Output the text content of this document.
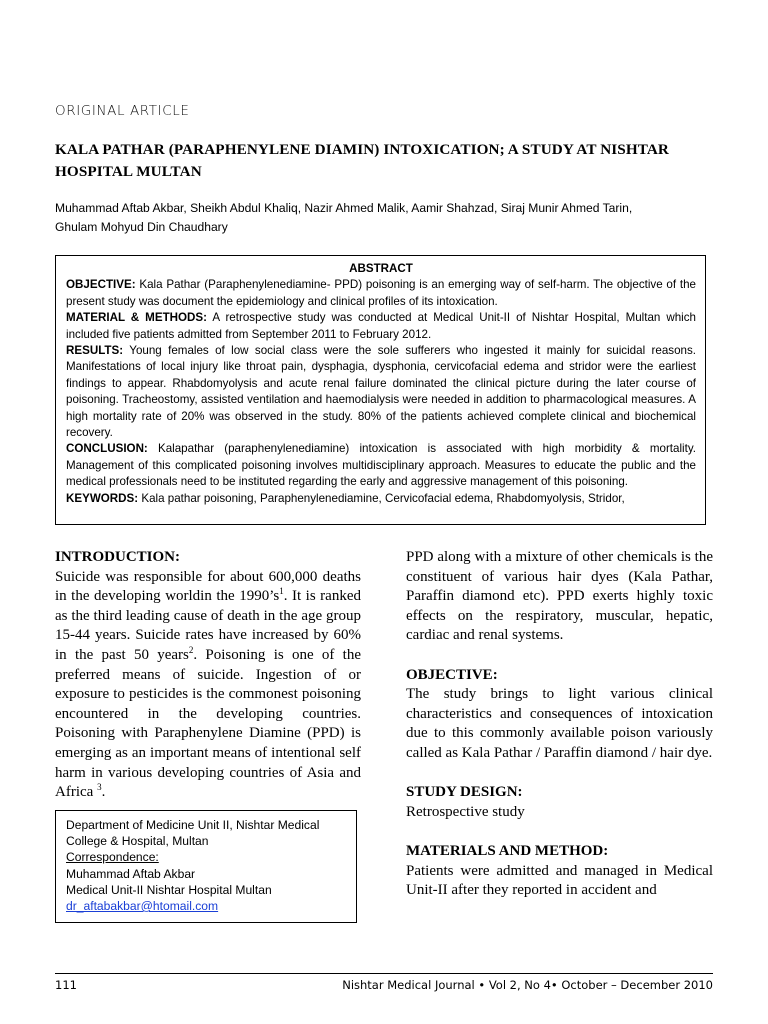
ORIGINAL ARTICLE
KALA PATHAR (PARAPHENYLENE DIAMIN) INTOXICATION; A STUDY AT NISHTAR HOSPITAL MULTAN
Muhammad Aftab Akbar, Sheikh Abdul Khaliq, Nazir Ahmed Malik, Aamir Shahzad, Siraj Munir Ahmed Tarin,
Ghulam Mohyud Din Chaudhary
ABSTRACT

OBJECTIVE: Kala Pathar (Paraphenylenediamine- PPD) poisoning is an emerging way of self-harm. The objective of the present study was document the epidemiology and clinical profiles of its intoxication.

MATERIAL & METHODS: A retrospective study was conducted at Medical Unit-II of Nishtar Hospital, Multan which included five patients admitted from September 2011 to February 2012.

RESULTS: Young females of low social class were the sole sufferers who ingested it mainly for suicidal reasons. Manifestations of local injury like throat pain, dysphagia, dysphonia, cervicofacial edema and stridor were the earliest findings to appear. Rhabdomyolysis and acute renal failure dominated the clinical picture during the later course of poisoning. Tracheostomy, assisted ventilation and haemodialysis were needed in addition to pharmacological measures. A high mortality rate of 20% was observed in the study. 80% of the patients achieved complete clinical and biochemical recovery.

CONCLUSION: Kalapathar (paraphenylenediamine) intoxication is associated with high morbidity & mortality. Management of this complicated poisoning involves multidisciplinary approach. Measures to educate the public and the medical professionals need to be instituted regarding the early and aggressive management of this poisoning.

KEYWORDS: Kala pathar poisoning, Paraphenylenediamine, Cervicofacial edema, Rhabdomyolysis, Stridor,

INTRODUCTION:

Suicide was responsible for about 600,000 deaths in the developing worldin the $1990’s^1$. It is ranked as the third leading cause of death in the age group 15-44 years. Suicide rates have increased by 60% in the past 50 years$^2$. Poisoning is one of the preferred means of suicide. Ingestion of or exposure to pesticides is the commonest poisoning encountered in the developing countries. Poisoning with Paraphenylene Diamine (PPD) is emerging as an important means of intentional self harm in various developing countries of Asia and Africa $^3$.

Department of Medicine Unit II, Nishtar Medical
College & Hospital, Multan
Correspondence:
Muhammad Aftab Akbar
Medical Unit-II Nishtar Hospital Multan
dr_aftabakbar@htomail.com

PPD along with a mixture of other chemicals is the constituent of various hair dyes (Kala Pathar, Paraffin diamond etc). PPD exerts highly toxic effects on the respiratory, muscular, hepatic, cardiac and renal systems.

OBJECTIVE:

The study brings to light various clinical characteristics and consequences of intoxication due to this commonly available poison variously called as Kala Pathar / Paraffin diamond / hair dye.

STUDY DESIGN:

Retrospective study

MATERIALS AND METHOD:

Patients were admitted and managed in Medical Unit-II after they reported in accident and

111	Nishtar Medical Journal • Vol 2, No 4• October – December 2010
